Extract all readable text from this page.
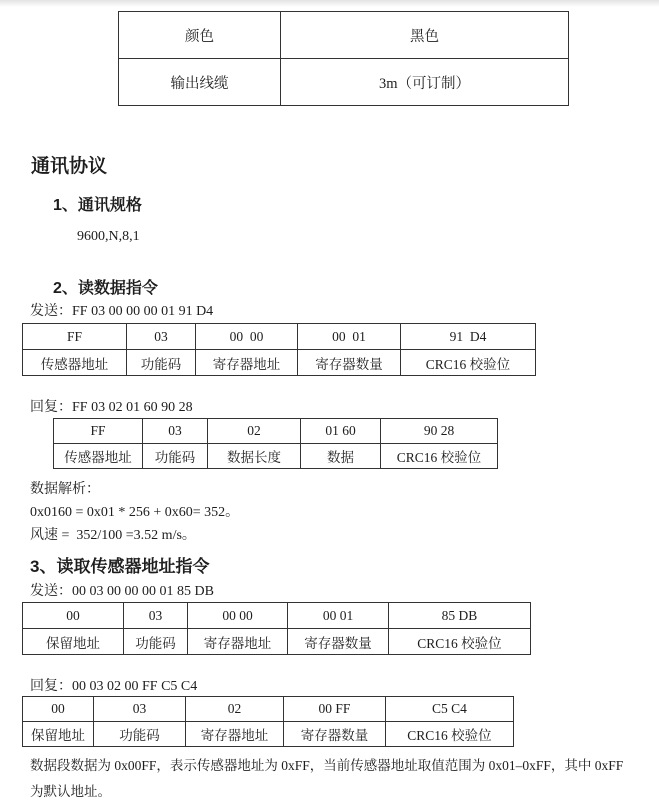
颜色	黑色
输出线缆	3m（可订制）
通讯协议
1、通讯规格
9600,N,8,1
2、读数据指令
发送：FF 03 00 00 00 01 91 D4
FF	03	00  00	00  01	91  D4
传感器地址	功能码	寄存器地址	寄存器数量	CRC16 校验位
回复：FF 03 02 01 60 90 28
FF	03	02	01 60	90 28
传感器地址	功能码	数据长度	数据	CRC16 校验位
数据解析：
0x0160 = 0x01 * 256 + 0x60= 352。
风速 =  352/100 =3.52 m/s。
3、读取传感器地址指令
发送：00 03 00 00 00 01 85 DB
00	03	00 00	00 01	85 DB
保留地址	功能码	寄存器地址	寄存器数量	CRC16 校验位
回复：00 03 02 00 FF C5 C4
00	03	02	00 FF	C5 C4
保留地址	功能码	寄存器地址	寄存器数量	CRC16 校验位
数据段数据为 0x00FF，表示传感器地址为 0xFF，当前传感器地址取值范围为 0x01–0xFF，其中 0xFF
为默认地址。
